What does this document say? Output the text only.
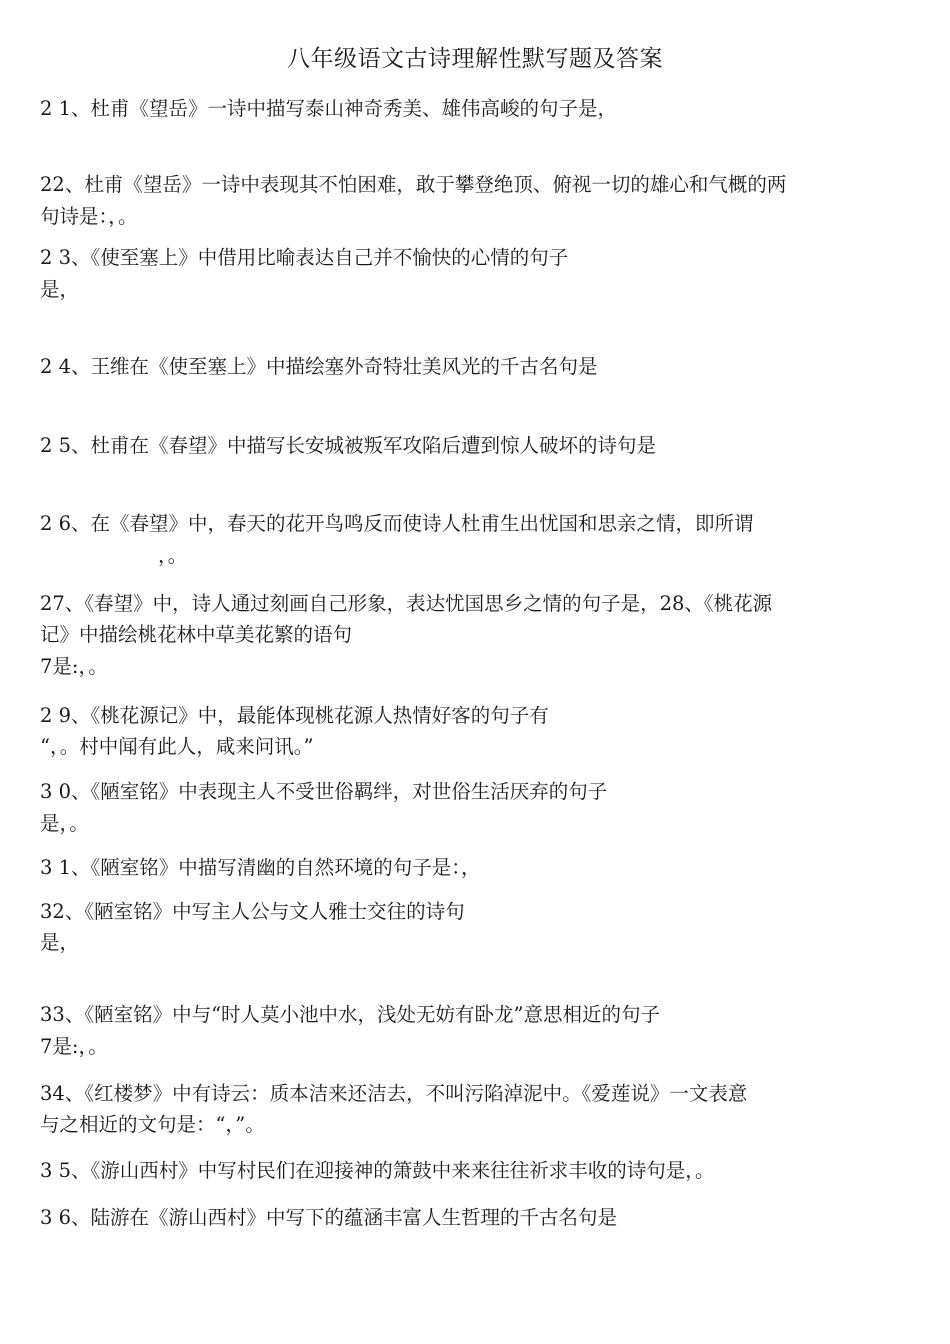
八年级语文古诗理解性默写题及答案
2 1、杜甫《望岳》一诗中描写泰山神奇秀美、雄伟高峻的句子是，
22、杜甫《望岳》一诗中表现其不怕困难，敢于攀登绝顶、俯视一切的雄心和气概的两
句诗是：，。
2 3、《使至塞上》中借用比喻表达自己并不愉快的心情的句子
是，
2 4、王维在《使至塞上》中描绘塞外奇特壮美风光的千古名句是
2 5、杜甫在《春望》中描写长安城被叛军攻陷后遭到惊人破坏的诗句是
2 6、在《春望》中，春天的花开鸟鸣反而使诗人杜甫生出忧国和思亲之情，即所谓
，。
27、《春望》中，诗人通过刻画自己形象，表达忧国思乡之情的句子是，28、《桃花源
记》中描绘桃花林中草美花繁的语句
7是:，。
2 9、《桃花源记》中，最能体现桃花源人热情好客的句子有
“，。村中闻有此人，咸来问讯。”
3 0、《陋室铭》中表现主人不受世俗羁绊，对世俗生活厌弃的句子
是，。
3 1、《陋室铭》中描写清幽的自然环境的句子是：，
32、《陋室铭》中写主人公与文人雅士交往的诗句
是，
33、《陋室铭》中与“时人莫小池中水，浅处无妨有卧龙”意思相近的句子
7是:，。
34、《红楼梦》中有诗云：质本洁来还洁去，不叫污陷淖泥中。《爱莲说》一文表意
与之相近的文句是：“，”。
3 5、《游山西村》中写村民们在迎接神的箫鼓中来来往往祈求丰收的诗句是，。
3 6、陆游在《游山西村》中写下的蕴涵丰富人生哲理的千古名句是
